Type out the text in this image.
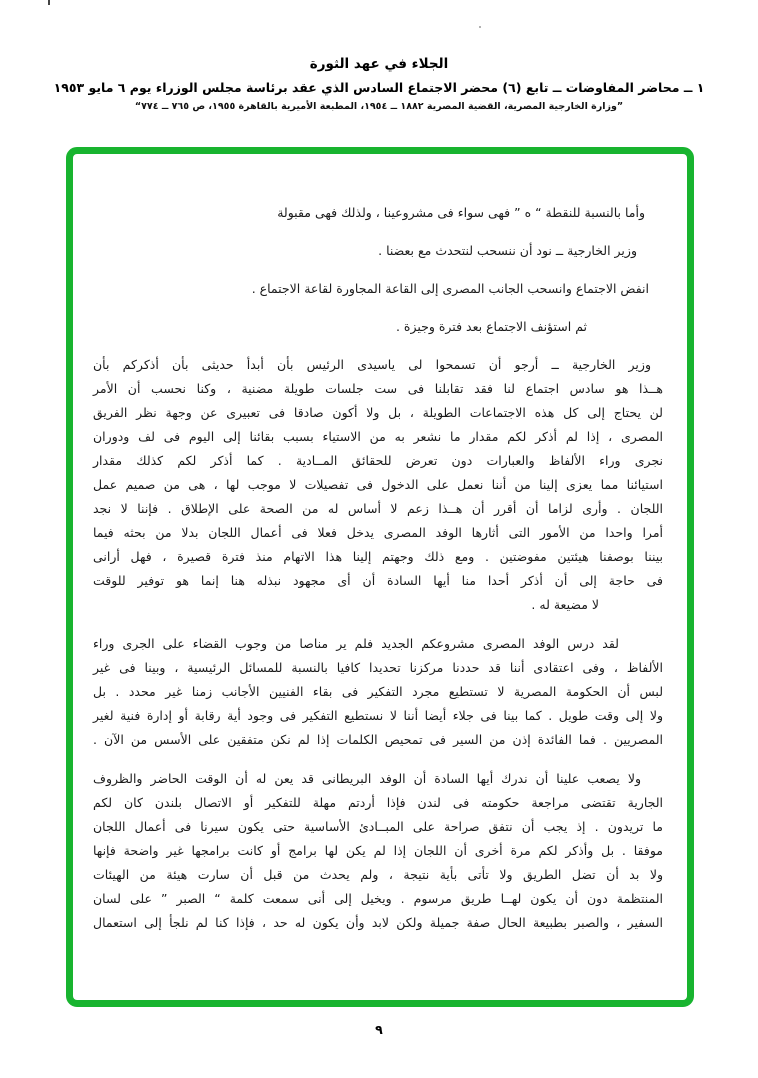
الجلاء في عهد الثورة
١ ــ محاضر المفاوضات ــ تابع (٦) محضر الاجتماع السادس الذي عقد برئاسة مجلس الوزراء يوم ٦ مايو ١٩٥٣
”وزارة الخارجية المصرية، القضية المصرية ١٨٨٢ ــ ١٩٥٤، المطبعة الأميرية بالقاهرة ١٩٥٥، ص ٧٦٥ ــ ٧٧٤“
وأما بالنسبة للنقطة “ ه ” فهى سواء فى مشروعينا ، ولذلك فهى مقبولة
وزير الخارجية ــ نود أن ننسحب لنتحدث مع بعضنا .
انفض الاجتماع وانسحب الجانب المصرى إلى القاعة المجاورة لقاعة الاجتماع .
ثم استؤنف الاجتماع بعد فترة وجيزة .
وزير الخارجية ــ أرجو أن تسمحوا لى ياسيدى الرئيس بأن أبدأ حديثى بأن أذكركم بأن
هــذا هو سادس اجتماع لنا فقد تقابلنا فى ست جلسات طويلة مضنية ، وكنا نحسب أن الأمر
لن يحتاج إلى كل هذه الاجتماعات الطويلة ، بل ولا أكون صادقا فى تعبيرى عن وجهة نظر الفريق
المصرى ، إذا لم أذكر لكم مقدار ما نشعر به من الاستياء بسبب بقائنا إلى اليوم فى لف ودوران
نجرى وراء الألفاظ والعبارات دون تعرض للحقائق المــادية . كما أذكر لكم كذلك مقدار
استيائنا مما يعزى إلينا من أننا نعمل على الدخول فى تفصيلات لا موجب لها ، هى من صميم عمل
اللجان . وأرى لزاما أن أقرر أن هــذا زعم لا أساس له من الصحة على الإطلاق . فإننا لا نجد
أمرا واحدا من الأمور التى أثارها الوفد المصرى يدخل فعلا فى أعمال اللجان بدلا من بحثه فيما
بيننا بوصفنا هيئتين مفوضتين . ومع ذلك وجهتم إلينا هذا الاتهام منذ فترة قصيرة ، فهل أرانى
فى حاجة إلى أن أذكر أحدا منا أيها السادة أن أى مجهود نبذله هنا إنما هو توفير للوقت
لا مضيعة له .
لقد درس الوفد المصرى مشروعكم الجديد فلم ير مناصا من وجوب القضاء على الجرى وراء
الألفاظ ، وفى اعتقادى أننا قد حددنا مركزنا تحديدا كافيا بالنسبة للمسائل الرئيسية ، وبينا فى غير
لبس أن الحكومة المصرية لا تستطيع مجرد التفكير فى بقاء الفنيين الأجانب زمنا غير محدد . بل
ولا إلى وقت طويل . كما بينا فى جلاء أيضا أننا لا نستطيع التفكير فى وجود أية رقابة أو إدارة فنية لغير
المصريين . فما الفائدة إذن من السير فى تمحيص الكلمات إذا لم نكن متفقين على الأسس من الآن .
ولا يصعب علينا أن ندرك أيها السادة أن الوفد البريطانى قد يعن له أن الوقت الحاضر والظروف
الجارية تقتضى مراجعة حكومته فى لندن فإذا أردتم مهلة للتفكير أو الاتصال بلندن كان لكم
ما تريدون . إذ يجب أن نتفق صراحة على المبــادئ الأساسية حتى يكون سيرنا فى أعمال اللجان
موفقا . بل وأذكر لكم مرة أخرى أن اللجان إذا لم يكن لها برامج أو كانت برامجها غير واضحة فإنها
ولا بد أن تضل الطريق ولا تأتى بأية نتيجة ، ولم يحدث من قبل أن سارت هيئة من الهيئات
المنتظمة دون أن يكون لهــا طريق مرسوم . ويخيل إلى أنى سمعت كلمة “ الصبر ” على لسان
السفير ، والصبر بطبيعة الحال صفة جميلة ولكن لابد وأن يكون له حد ، فإذا كنا لم نلجأ إلى استعمال
٩
